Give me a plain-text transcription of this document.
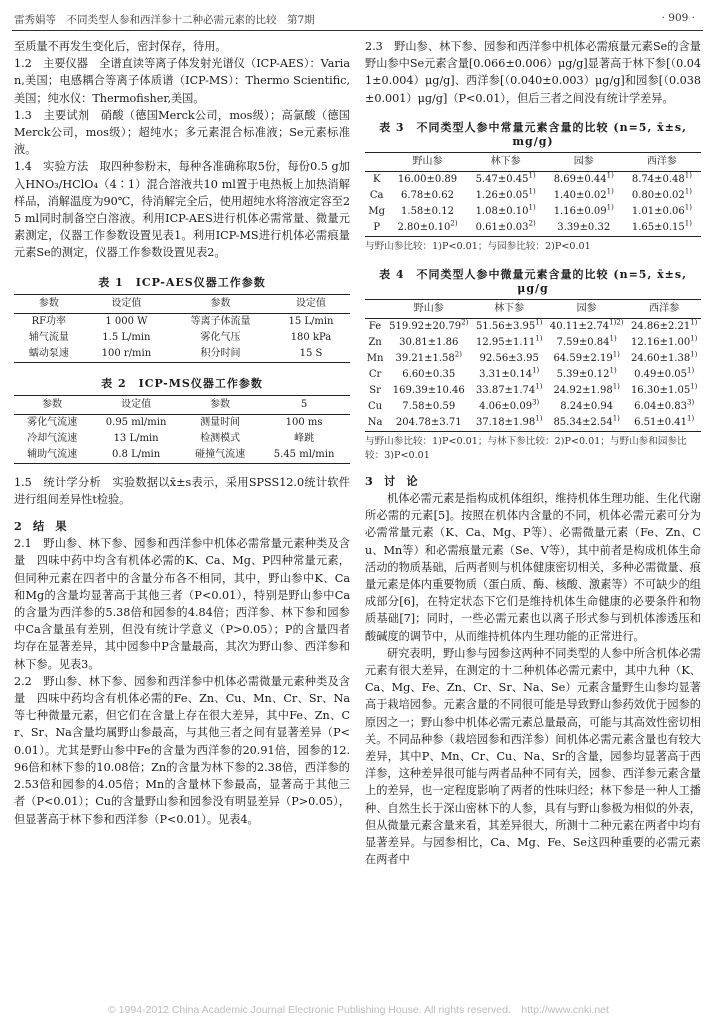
雷秀娟等　不同类型人参和西洋参十二种必需元素的比较　第7期	· 909 ·

至质量不再发生变化后，密封保存，待用。

1.2　主要仪器　全谱直读等离子体发射光谱仪（ICP-AES）：Varian,美国；电感耦合等离子体质谱（ICP-MS）：Thermo Scientific,美国；纯水仪：Thermofisher,美国。

1.3　主要试剂　硝酸（德国Merck公司，mos级）；高氯酸（德国Merck公司，mos级）；超纯水；多元素混合标准液；Se元素标准液。

1.4　实验方法　取四种参粉末，每种各准确称取5份，每份0.5 g加入HNO₃/HClO₄（4∶1）混合溶液共10 ml置于电热板上加热消解样品，消解温度为90℃，待消解完全后，使用超纯水将溶液定容至25 ml同时制备空白溶液。利用ICP-AES进行机体必需常量、微量元素测定，仪器工作参数设置见表1。利用ICP-MS进行机体必需痕量元素Se的测定，仪器工作参数设置见表2。

表 1　ICP-AES仪器工作参数
参数	设定值	参数	设定值
RF功率	1 000 W	等离子体流量	15 L/min
辅气流量	1.5 L/min	雾化气压	180 kPa
蠕动泵速	100 r/min	积分时间	15 S
表 2　ICP-MS仪器工作参数
参数	设定值	参数	5
雾化气流速	0.95 ml/min	测量时间	100 ms
冷却气流速	13 L/min	检测模式	峰跳
辅助气流速	0.8 L/min	碰撞气流速	5.45 ml/min

1.5　统计学分析　实验数据以x̄±s表示，采用SPSS12.0统计软件进行组间差异性t检验。

2　结　果

2.1　野山参、林下参、园参和西洋参中机体必需常量元素种类及含量　四味中药中均含有机体必需的K、Ca、Mg、P四种常量元素，但同种元素在四者中的含量分布各不相同，其中，野山参中K、Ca和Mg的含量均显著高于其他三者（P<0.01），特别是野山参中Ca的含量为西洋参的5.38倍和园参的4.84倍；西洋参、林下参和园参中Ca含量虽有差别，但没有统计学意义（P>0.05）；P的含量四者均存在显著差异，其中园参中P含量最高，其次为野山参、西洋参和林下参。见表3。

2.2　野山参、林下参、园参和西洋参中机体必需微量元素种类及含量　四味中药均含有机体必需的Fe、Zn、Cu、Mn、Cr、Sr、Na等七种微量元素，但它们在含量上存在很大差异，其中Fe、Zn、Cr、Sr、Na含量均属野山参最高，与其他三者之间有显著差异（P<0.01）。尤其是野山参中Fe的含量为西洋参的20.91倍，园参的12.96倍和林下参的10.08倍；Zn的含量为林下参的2.38倍，西洋参的2.53倍和园参的4.05倍；Mn的含量林下参最高，显著高于其他三者（P<0.01）；Cu的含量野山参和园参没有明显差异（P>0.05），但显著高于林下参和西洋参（P<0.01）。见表4。

2.3　野山参、林下参、园参和西洋参中机体必需痕量元素Se的含量　野山参中Se元素含量[0.066±0.006）μg/g]显著高于林下参[（0.041±0.004）μg/g]、西洋参[（0.040±0.003）μg/g]和园参[（0.038±0.001）μg/g]（P<0.01），但后三者之间没有统计学差异。

表 3　不同类型人参中常量元素含量的比较 (n=5, x̄±s, mg/g)
	野山参	林下参	园参	西洋参
K	16.00±0.89	$5.47\pm 0.45^{1)}$	$8.69\pm 0.44^{1)}$	$8.74\pm 0.48^{1)}$
Ca	6.78±0.62	$1.26\pm 0.05^{1)}$	$1.40\pm 0.02^{1)}$	$0.80\pm 0.02^{1)}$
Mg	1.58±0.12	$1.08\pm 0.10^{1)}$	$1.16\pm 0.09^{1)}$	$1.01\pm 0.06^{1)}$
P	$2.80\pm 0.10^{2)}$	$0.61\pm 0.03^{2)}$	3.39±0.32	$1.65\pm 0.15^{1)}$
与野山参比较：1)P<0.01；与园参比较：2)P<0.01
表 4　不同类型人参中微量元素含量的比较 (n=5, x̄±s, μg/g
	野山参	林下参	园参	西洋参
Fe	$519.92\pm 20.79^{2)}$	$51.56\pm 3.95^{1)}$	$40.11\pm 2.74^{1)2)}$	$24.86\pm 2.21^{1)}$
Zn	30.81±1.86	$12.95\pm 1.11^{1)}$	$7.59\pm 0.84^{1)}$	$12.16\pm 1.00^{1)}$
Mn	$39.21\pm 1.58^{2)}$	92.56±3.95	$64.59\pm 2.19^{1)}$	$24.60\pm 1.38^{1)}$
Cr	6.60±0.35	$3.31\pm 0.14^{1)}$	$5.39\pm 0.12^{1)}$	$0.49\pm 0.05^{1)}$
Sr	169.39±10.46	$33.87\pm 1.74^{1)}$	$24.92\pm 1.98^{1)}$	$16.30\pm 1.05^{1)}$
Cu	7.58±0.59	$4.06\pm 0.09^{3)}$	8.24±0.94	$6.04\pm 0.83^{3)}$
Na	204.78±3.71	$37.18\pm 1.98^{1)}$	$85.34\pm 2.54^{1)}$	$6.51\pm 0.41^{1)}$
与野山参比较：1)P<0.01；与林下参比较：2)P<0.01；与野山参和园参比较：3)P<0.01
3　讨　论

机体必需元素是指构成机体组织，维持机体生理功能、生化代谢所必需的元素[5]。按照在机体内含量的不同，机体必需元素可分为必需常量元素（K、Ca、Mg、P等）、必需微量元素（Fe、Zn、Cu、Mn等）和必需痕量元素（Se、V等），其中前者是构成机体生命活动的物质基础，后两者则与机体健康密切相关，多种必需微量、痕量元素是体内重要物质（蛋白质、酶、核酸、激素等）不可缺少的组成部分[6]，在特定状态下它们是维持机体生命健康的必要条件和物质基础[7]；同时，一些必需元素也以离子形式参与到机体渗透压和酸碱度的调节中，从而维持机体内生理功能的正常进行。

研究表明，野山参与园参这两种不同类型的人参中所含机体必需元素有很大差异，在测定的十二种机体必需元素中，其中九种（K、Ca、Mg、Fe、Zn、Cr、Sr、Na、Se）元素含量野生山参均显著高于栽培园参。元素含量的不同很可能是导致野山参药效优于园参的原因之一；野山参中机体必需元素总量最高，可能与其高效性密切相关。不同品种参（栽培园参和西洋参）间机体必需元素含量也有较大差异，其中P、Mn、Cr、Cu、Na、Sr的含量，园参均显著高于西洋参，这种差异很可能与两者品种不同有关，园参、西洋参元素含量上的差异，也一定程度影响了两者的性味归经；林下参是一种人工播种、自然生长于深山密林下的人参，具有与野山参极为相似的外表，但从微量元素含量来看，其差异很大，所测十二种元素在两者中均有显著差异。与园参相比，Ca、Mg、Fe、Se这四种重要的必需元素在两者中

© 1994-2012 China Academic Journal Electronic Publishing House. All rights reserved.　http://www.cnki.net
